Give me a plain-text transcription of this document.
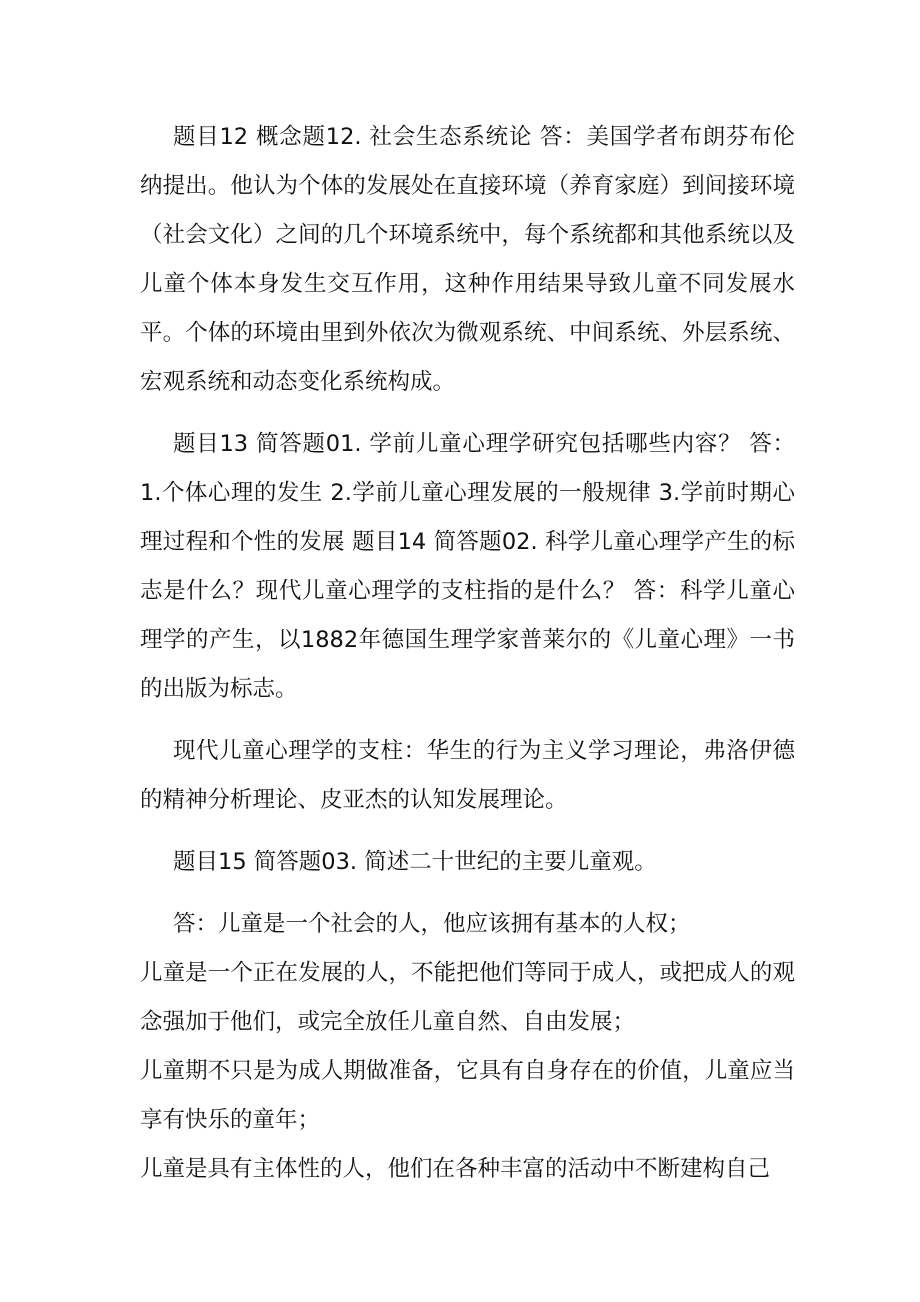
题目12 概念题12. 社会生态系统论 答：美国学者布朗芬布伦纳提出。他认为个体的发展处在直接环境（养育家庭）到间接环境（社会文化）之间的几个环境系统中，每个系统都和其他系统以及儿童个体本身发生交互作用，这种作用结果导致儿童不同发展水平。个体的环境由里到外依次为微观系统、中间系统、外层系统、宏观系统和动态变化系统构成。

题目13 简答题01. 学前儿童心理学研究包括哪些内容？ 答：1.个体心理的发生 2.学前儿童心理发展的一般规律 3.学前时期心理过程和个性的发展 题目14 简答题02. 科学儿童心理学产生的标志是什么？现代儿童心理学的支柱指的是什么？ 答：科学儿童心理学的产生，以1882年德国生理学家普莱尔的《儿童心理》一书的出版为标志。

现代儿童心理学的支柱：华生的行为主义学习理论，弗洛伊德的精神分析理论、皮亚杰的认知发展理论。

题目15 简答题03. 简述二十世纪的主要儿童观。

答：儿童是一个社会的人，他应该拥有基本的人权；

儿童是一个正在发展的人，不能把他们等同于成人，或把成人的观念强加于他们，或完全放任儿童自然、自由发展；

儿童期不只是为成人期做准备，它具有自身存在的价值，儿童应当享有快乐的童年；

儿童是具有主体性的人，他们在各种丰富的活动中不断建构自己
